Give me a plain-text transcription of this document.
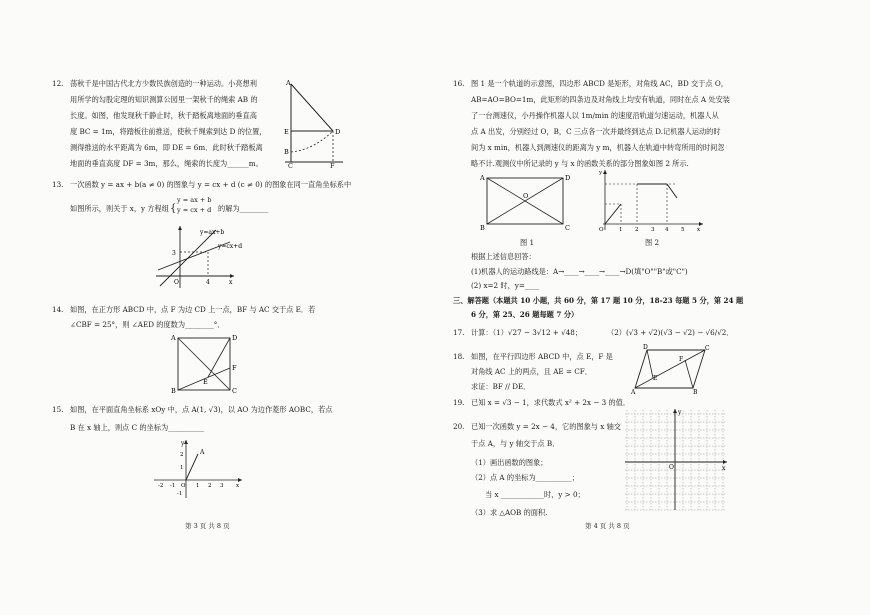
12. 荡秋千是中国古代北方少数民族创造的一种运动。小亮想利
用所学的勾股定理的知识测算公园里一架秋千的绳索 AB 的
长度。如图，他发现秋千静止时，秋千踏板离地面的垂直高
度 BC = 1m，将踏板往前推送，使秋千绳索到达 D 的位置，
测得推送的水平距离为 6m，即 DE = 6m．此时秋千踏板离
地面的垂直高度 DF = 3m，那么，绳索的长度为______m。
A
E	D
B
C	F
13. 一次函数 y = ax + b(a ≠ 0) 的图象与 y = cx + d (c ≠ 0) 的图象在同一直角坐标系中
如图所示，则关于 x，y 方程组 {
y = ax + b
y = cx + d 的解为________
y=ax+b
y=cx+d
3
O	4	x
14. 如图，在正方形 ABCD 中，点 F 为边 CD 上一点，BF 与 AC 交于点 E．若
∠CBF = 25°，则 ∠AED 的度数为________°．
A	D
F
E
B	C
15. 如图，在平面直角坐标系 xOy 中，点 A(1, √3)，以 AO 为边作菱形 AOBC，若点
B 在 x 轴上，则点 C 的坐标为__________
y
A
2
1
-2 -1 O 1 2 3 x
-1
第 3 页 共 8 页
16. 图 1 是一个轨道的示意图，四边形 ABCD 是矩形，对角线 AC，BD 交于点 O，
AB=AO=BO=1m，此矩形的四条边及对角线上均安有轨道，同时在点 A 处安装
了一台测速仪，小丹操作机器人以 1m/min 的速度沿轨道匀速运动，机器人从
点 A 出发，分别经过 O，B，C 三点各一次并最终到达点 D.记机器人运动的时
间为 x min，机器人到测速仪的距离为 y m，机器人在轨道中转弯所用的时间忽
略不计.观测仪中所记录的 y 与 x 的函数关系的部分图象如图 2 所示.
A	D
O
B	C
图 1
y
O	1 2 3 4 5 x
图 2
根据上述信息回答：
(1)机器人的运动路线是：A→____→____→____→D(填"O""B"或"C")
(2) x=2 时，y=____
三、解答题（本题共 10 小题，共 60 分，第 17 题 10 分，18-23 每题 5 分，第 24 题
6 分，第 25、26 题每题 7 分）
17. 计算：（1）√27 − 3√12 + √48；	（2）(√3 + √2)(√3 − √2) − √6/√2．
18. 如图，在平行四边形 ABCD 中，点 E，F 是
对角线 AC 上的两点，且 AE = CF．
求证：BF // DE．
D	C
F
E
A	B
19. 已知 x = √3 − 1，求代数式 x² + 2x − 3 的值．
20. 已知一次函数 y = 2x − 4，它的图象与 x 轴交
于点 A，与 y 轴交于点 B．
（1）画出函数的图象；
（2）点 A 的坐标为__________；
当 x ____________时，y > 0；
（3）求 △AOB 的面积.
y
O	x
第 4 页 共 8 页
